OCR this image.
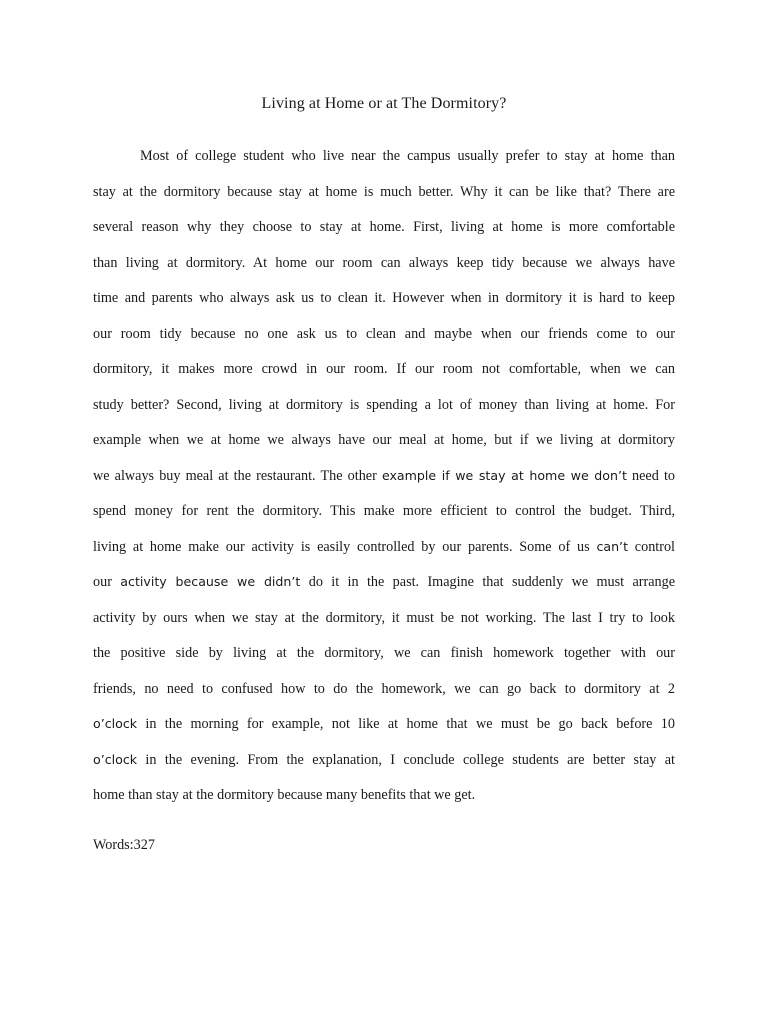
Living at Home or at The Dormitory?
Most of college student who live near the campus usually prefer to stay at home than
stay at the dormitory because stay at home is much better. Why it can be like that? There are
several reason why they choose to stay at home. First, living at home is more comfortable
than living at dormitory. At home our room can always keep tidy because we always have
time and parents who always ask us to clean it. However when in dormitory it is hard to keep
our room tidy because no one ask us to clean and maybe when our friends come to our
dormitory, it makes more crowd in our room. If our room not comfortable, when we can
study better? Second, living at dormitory is spending a lot of money than living at home. For
example when we at home we always have our meal at home, but if we living at dormitory
we always buy meal at the restaurant. The other example if we stay at home we don’t need to
spend money for rent the dormitory. This make more efficient to control the budget. Third,
living at home make our activity is easily controlled by our parents. Some of us can’t control
our activity because we didn’t do it in the past. Imagine that suddenly we must arrange
activity by ours when we stay at the dormitory, it must be not working. The last I try to look
the positive side by living at the dormitory, we can finish homework together with our
friends, no need to confused how to do the homework, we can go back to dormitory at 2
o’clock in the morning for example, not like at home that we must be go back before 10
o’clock in the evening. From the explanation, I conclude college students are better stay at
home than stay at the dormitory because many benefits that we get.
Words:327
